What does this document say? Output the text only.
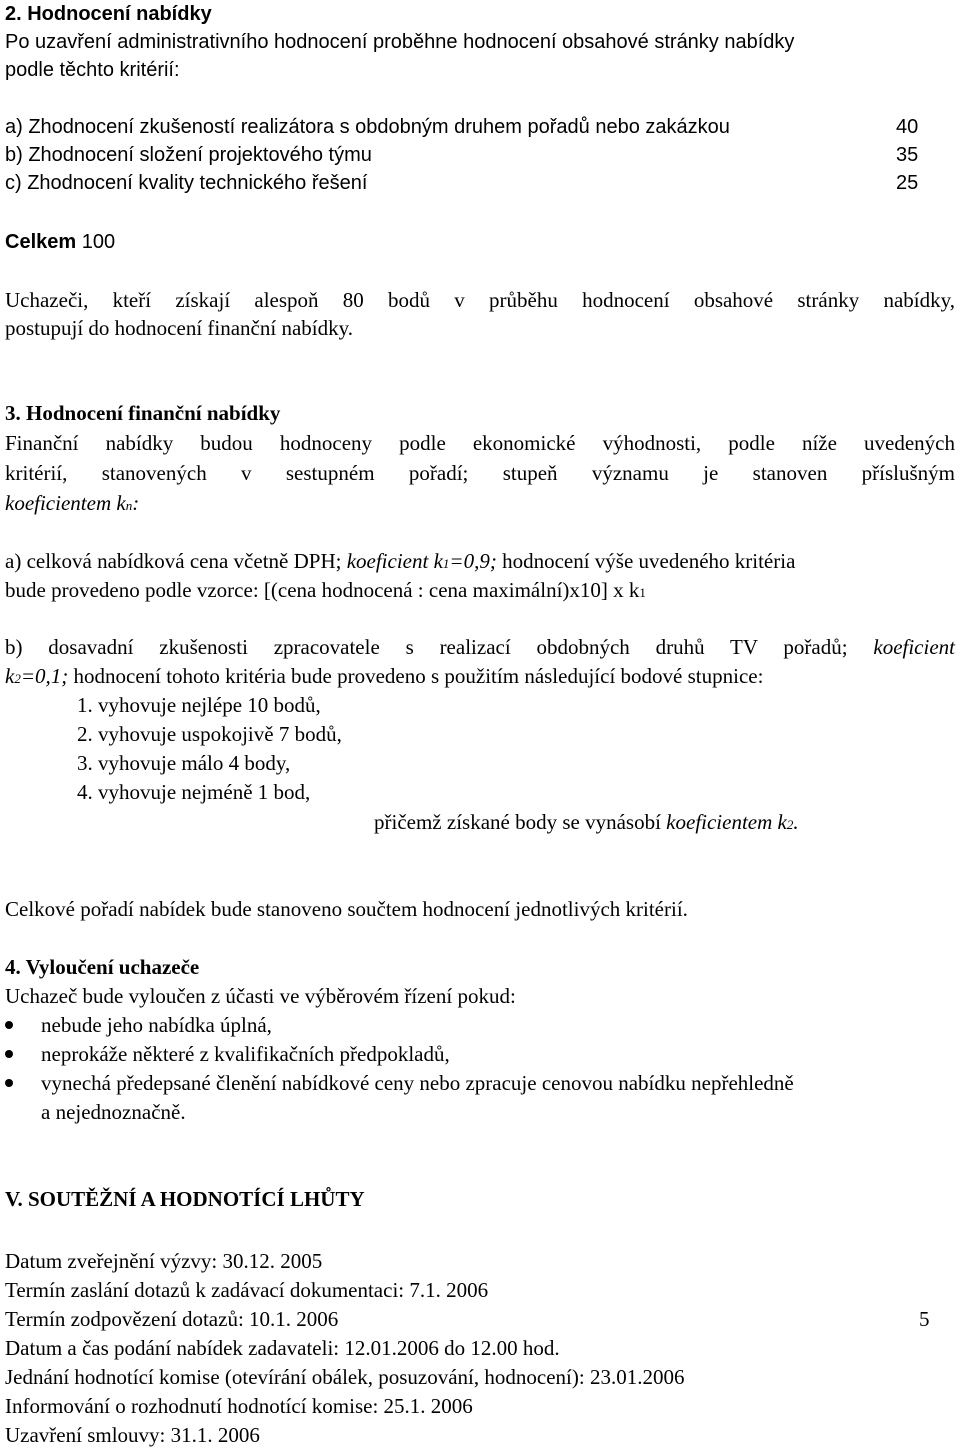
2. Hodnocení nabídky
Po uzavření administrativního hodnocení proběhne hodnocení obsahové stránky nabídky
podle těchto kritérií:
a) Zhodnocení zkušeností realizátora s obdobným druhem pořadů nebo zakázkou	40
b) Zhodnocení složení projektového týmu	35
c) Zhodnocení kvality technického řešení	25
Celkem 100
Uchazeči, kteří získají alespoň 80 bodů v průběhu hodnocení obsahové stránky nabídky,
postupují do hodnocení finanční nabídky.
3. Hodnocení finanční nabídky
Finanční nabídky budou hodnoceny podle ekonomické výhodnosti, podle níže uvedených
kritérií, stanovených v sestupném pořadí; stupeň významu je stanoven příslušným
koeficientem kn:
a) celková nabídková cena včetně DPH; koeficient k1=0,9; hodnocení výše uvedeného kritéria
bude provedeno podle vzorce: [(cena hodnocená : cena maximální)x10] x k1
b) dosavadní zkušenosti zpracovatele s realizací obdobných druhů TV pořadů; koeficient
k2=0,1; hodnocení tohoto kritéria bude provedeno s použitím následující bodové stupnice:
1. vyhovuje nejlépe 10 bodů,
2. vyhovuje uspokojivě 7 bodů,
3. vyhovuje málo 4 body,
4. vyhovuje nejméně 1 bod,
přičemž získané body se vynásobí koeficientem k2.
Celkové pořadí nabídek bude stanoveno součtem hodnocení jednotlivých kritérií.
4. Vyloučení uchazeče
Uchazeč bude vyloučen z účasti ve výběrovém řízení pokud:
nebude jeho nabídka úplná,
neprokáže některé z kvalifikačních předpokladů,
vynechá předepsané členění nabídkové ceny nebo zpracuje cenovou nabídku nepřehledně
a nejednoznačně.
V. SOUTĚŽNÍ A HODNOTÍCÍ LHŮTY
Datum zveřejnění výzvy: 30.12. 2005
Termín zaslání dotazů k zadávací dokumentaci: 7.1. 2006
Termín zodpovězení dotazů: 10.1. 2006	5
Datum a čas podání nabídek zadavateli: 12.01.2006 do 12.00 hod.
Jednání hodnotící komise (otevírání obálek, posuzování, hodnocení): 23.01.2006
Informování o rozhodnutí hodnotící komise: 25.1. 2006
Uzavření smlouvy: 31.1. 2006
